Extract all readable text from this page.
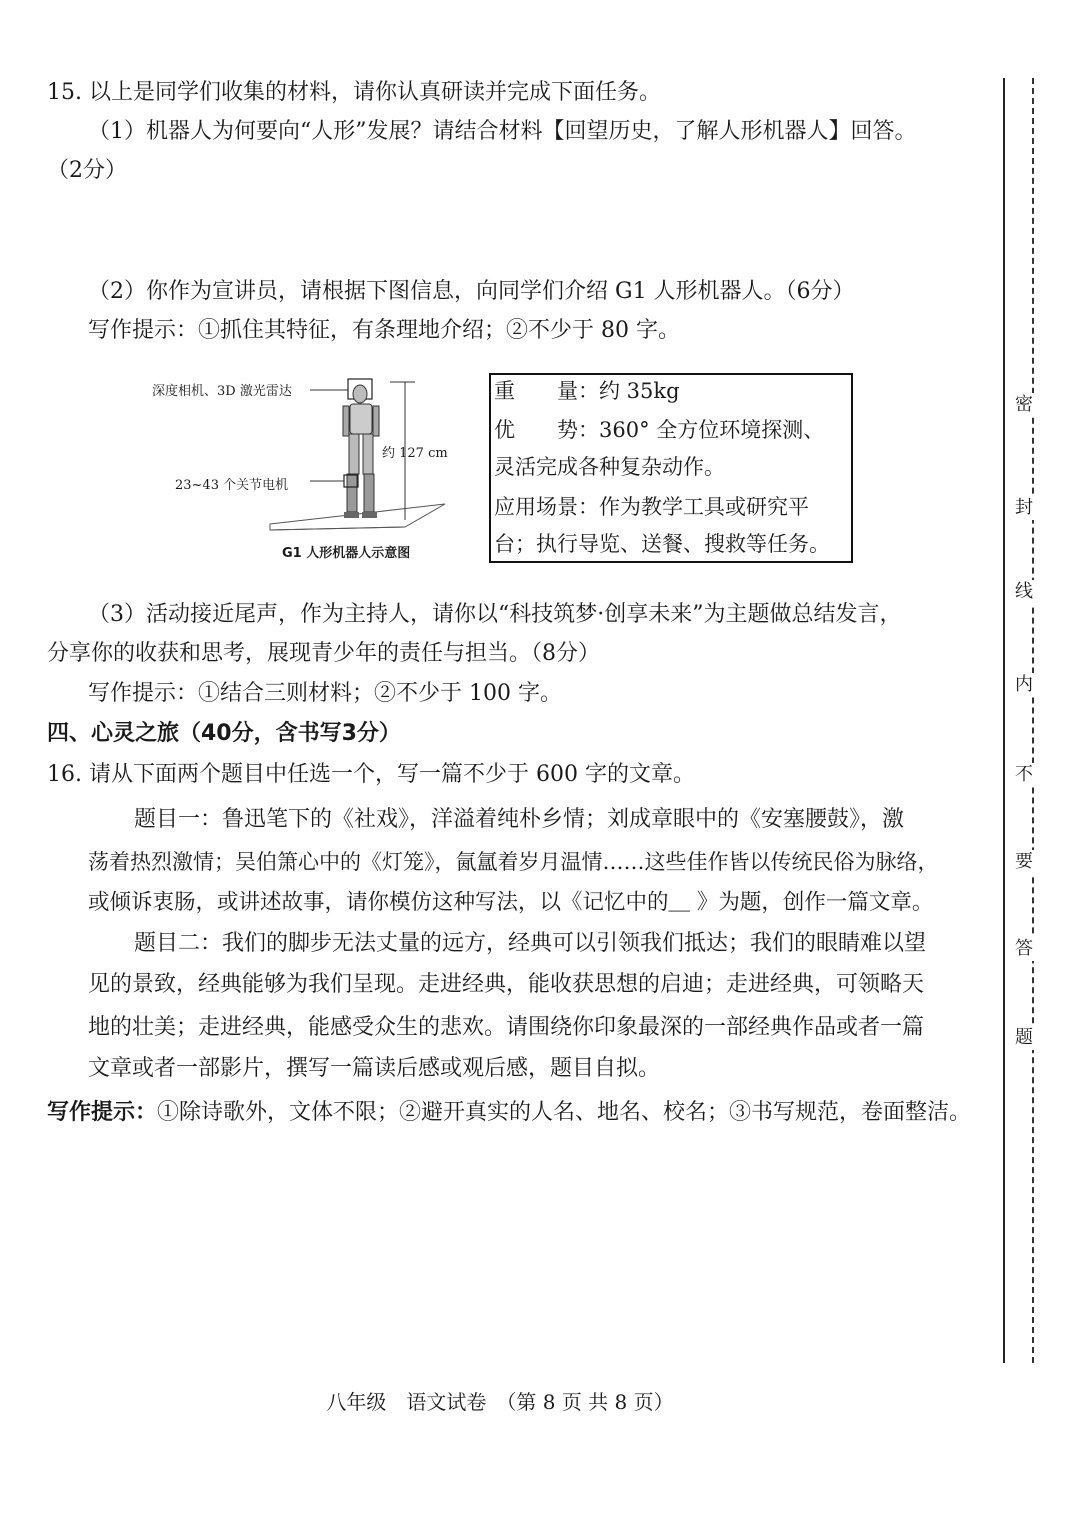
密
封
线
内
不
要
答
题
15. 以上是同学们收集的材料，请你认真研读并完成下面任务。
（1）机器人为何要向“人形”发展？请结合材料【回望历史，了解人形机器人】回答。
（2分）
（2）你作为宣讲员，请根据下图信息，向同学们介绍 G1 人形机器人。（6分）
写作提示：①抓住其特征，有条理地介绍；②不少于 80 字。
深度相机、3D 激光雷达
约 127 cm
23~43 个关节电机
G1 人形机器人示意图
重　　量：约 35kg
优　　势：360° 全方位环境探测、
灵活完成各种复杂动作。
应用场景：作为教学工具或研究平
台；执行导览、送餐、搜救等任务。
（3）活动接近尾声，作为主持人，请你以“科技筑梦·创享未来”为主题做总结发言，
分享你的收获和思考，展现青少年的责任与担当。（8分）
写作提示：①结合三则材料；②不少于 100 字。
四、心灵之旅（40分，含书写3分）
16. 请从下面两个题目中任选一个，写一篇不少于 600 字的文章。
题目一：鲁迅笔下的《社戏》，洋溢着纯朴乡情；刘成章眼中的《安塞腰鼓》，激
荡着热烈激情；吴伯箫心中的《灯笼》，氤氲着岁月温情……这些佳作皆以传统民俗为脉络，
或倾诉衷肠，或讲述故事，请你模仿这种写法，以《记忆中的＿ 》为题，创作一篇文章。
题目二：我们的脚步无法丈量的远方，经典可以引领我们抵达；我们的眼睛难以望
见的景致，经典能够为我们呈现。走进经典，能收获思想的启迪；走进经典，可领略天
地的壮美；走进经典，能感受众生的悲欢。请围绕你印象最深的一部经典作品或者一篇
文章或者一部影片，撰写一篇读后感或观后感，题目自拟。
写作提示：①除诗歌外，文体不限；②避开真实的人名、地名、校名；③书写规范，卷面整洁。
八年级　语文试卷　（第 8 页 共 8 页）
